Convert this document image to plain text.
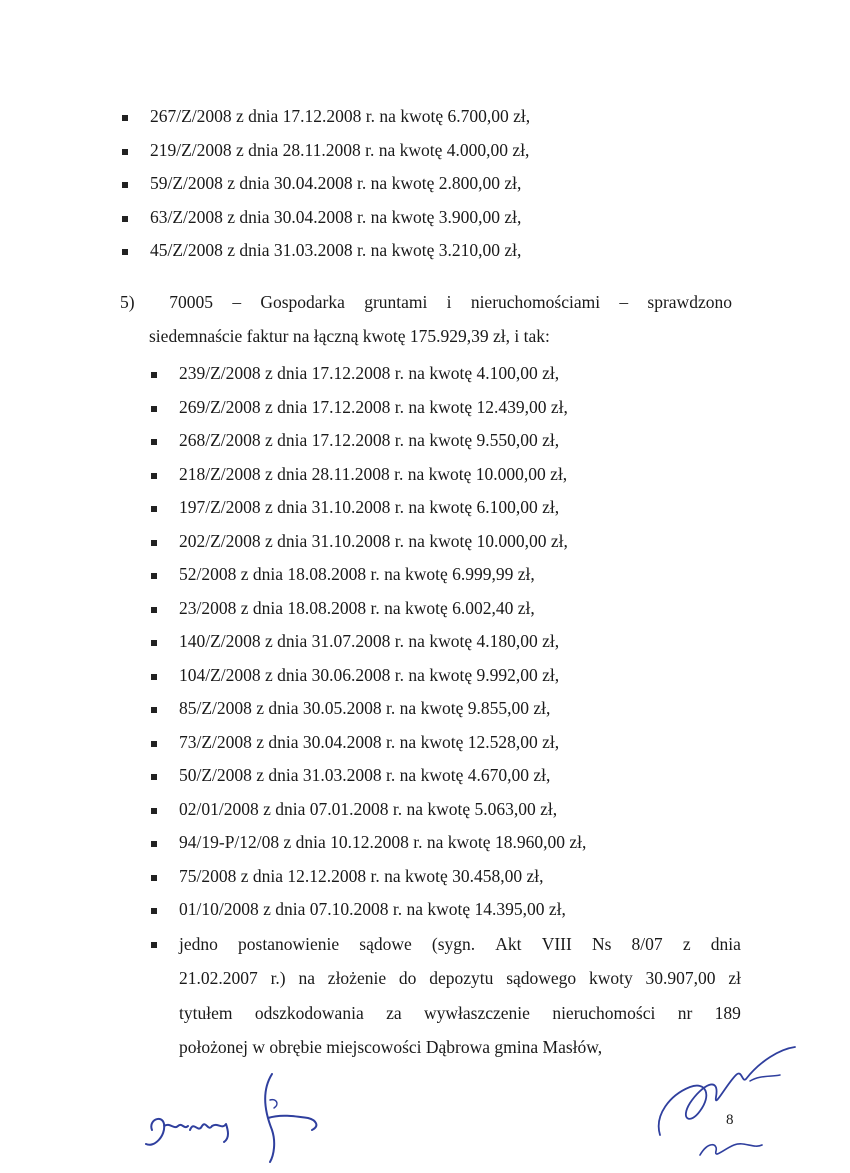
267/Z/2008 z dnia 17.12.2008 r. na kwotę 6.700,00 zł,
219/Z/2008 z dnia 28.11.2008 r. na kwotę 4.000,00 zł,
59/Z/2008 z dnia 30.04.2008 r. na kwotę 2.800,00 zł,
63/Z/2008 z dnia 30.04.2008 r. na kwotę 3.900,00 zł,
45/Z/2008 z dnia 31.03.2008 r. na kwotę 3.210,00 zł,
5)	70005 – Gospodarka gruntami i nieruchomościami – sprawdzono
siedemnaście faktur na łączną kwotę 175.929,39 zł, i tak:
239/Z/2008 z dnia 17.12.2008 r. na kwotę 4.100,00 zł,
269/Z/2008 z dnia 17.12.2008 r. na kwotę 12.439,00 zł,
268/Z/2008 z dnia 17.12.2008 r. na kwotę 9.550,00 zł,
218/Z/2008 z dnia 28.11.2008 r. na kwotę 10.000,00 zł,
197/Z/2008 z dnia 31.10.2008 r. na kwotę 6.100,00 zł,
202/Z/2008 z dnia 31.10.2008 r. na kwotę 10.000,00 zł,
52/2008 z dnia 18.08.2008 r. na kwotę 6.999,99 zł,
23/2008 z dnia 18.08.2008 r. na kwotę 6.002,40 zł,
140/Z/2008 z dnia 31.07.2008 r. na kwotę 4.180,00 zł,
104/Z/2008 z dnia 30.06.2008 r. na kwotę 9.992,00 zł,
85/Z/2008 z dnia 30.05.2008 r. na kwotę 9.855,00 zł,
73/Z/2008 z dnia 30.04.2008 r. na kwotę 12.528,00 zł,
50/Z/2008 z dnia 31.03.2008 r. na kwotę 4.670,00 zł,
02/01/2008 z dnia 07.01.2008 r. na kwotę 5.063,00 zł,
94/19-P/12/08 z dnia 10.12.2008 r. na kwotę 18.960,00 zł,
75/2008 z dnia 12.12.2008 r. na kwotę 30.458,00 zł,
01/10/2008 z dnia 07.10.2008 r. na kwotę 14.395,00 zł,
jedno postanowienie sądowe (sygn. Akt VIII Ns 8/07 z dnia
21.02.2007 r.) na złożenie do depozytu sądowego kwoty 30.907,00 zł
tytułem odszkodowania za wywłaszczenie nieruchomości nr 189
położonej w obrębie miejscowości Dąbrowa gmina Masłów,
8
